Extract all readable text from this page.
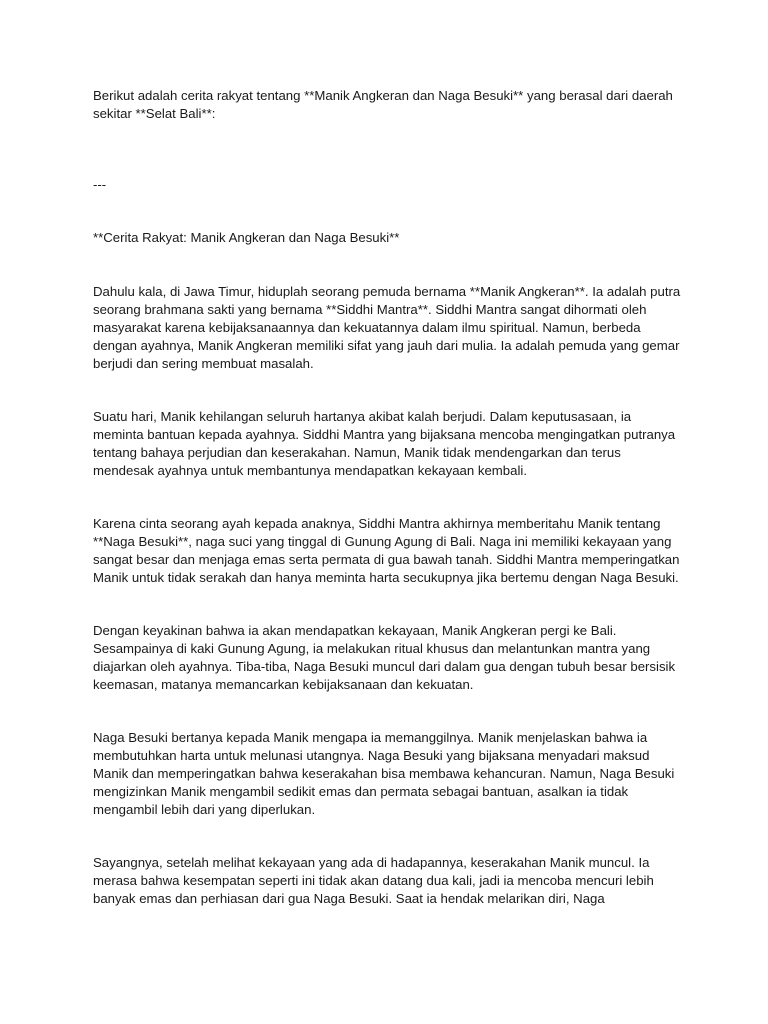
Berikut adalah cerita rakyat tentang **Manik Angkeran dan Naga Besuki** yang berasal dari daerah sekitar **Selat Bali**:

---

**Cerita Rakyat: Manik Angkeran dan Naga Besuki**

Dahulu kala, di Jawa Timur, hiduplah seorang pemuda bernama **Manik Angkeran**. Ia adalah putra seorang brahmana sakti yang bernama **Siddhi Mantra**. Siddhi Mantra sangat dihormati oleh masyarakat karena kebijaksanaannya dan kekuatannya dalam ilmu spiritual. Namun, berbeda dengan ayahnya, Manik Angkeran memiliki sifat yang jauh dari mulia. Ia adalah pemuda yang gemar berjudi dan sering membuat masalah.

Suatu hari, Manik kehilangan seluruh hartanya akibat kalah berjudi. Dalam keputusasaan, ia meminta bantuan kepada ayahnya. Siddhi Mantra yang bijaksana mencoba mengingatkan putranya tentang bahaya perjudian dan keserakahan. Namun, Manik tidak mendengarkan dan terus mendesak ayahnya untuk membantunya mendapatkan kekayaan kembali.

Karena cinta seorang ayah kepada anaknya, Siddhi Mantra akhirnya memberitahu Manik tentang **Naga Besuki**, naga suci yang tinggal di Gunung Agung di Bali. Naga ini memiliki kekayaan yang sangat besar dan menjaga emas serta permata di gua bawah tanah. Siddhi Mantra memperingatkan Manik untuk tidak serakah dan hanya meminta harta secukupnya jika bertemu dengan Naga Besuki.

Dengan keyakinan bahwa ia akan mendapatkan kekayaan, Manik Angkeran pergi ke Bali. Sesampainya di kaki Gunung Agung, ia melakukan ritual khusus dan melantunkan mantra yang diajarkan oleh ayahnya. Tiba-tiba, Naga Besuki muncul dari dalam gua dengan tubuh besar bersisik keemasan, matanya memancarkan kebijaksanaan dan kekuatan.

Naga Besuki bertanya kepada Manik mengapa ia memanggilnya. Manik menjelaskan bahwa ia membutuhkan harta untuk melunasi utangnya. Naga Besuki yang bijaksana menyadari maksud Manik dan memperingatkan bahwa keserakahan bisa membawa kehancuran. Namun, Naga Besuki mengizinkan Manik mengambil sedikit emas dan permata sebagai bantuan, asalkan ia tidak mengambil lebih dari yang diperlukan.

Sayangnya, setelah melihat kekayaan yang ada di hadapannya, keserakahan Manik muncul. Ia merasa bahwa kesempatan seperti ini tidak akan datang dua kali, jadi ia mencoba mencuri lebih banyak emas dan perhiasan dari gua Naga Besuki. Saat ia hendak melarikan diri, Naga
